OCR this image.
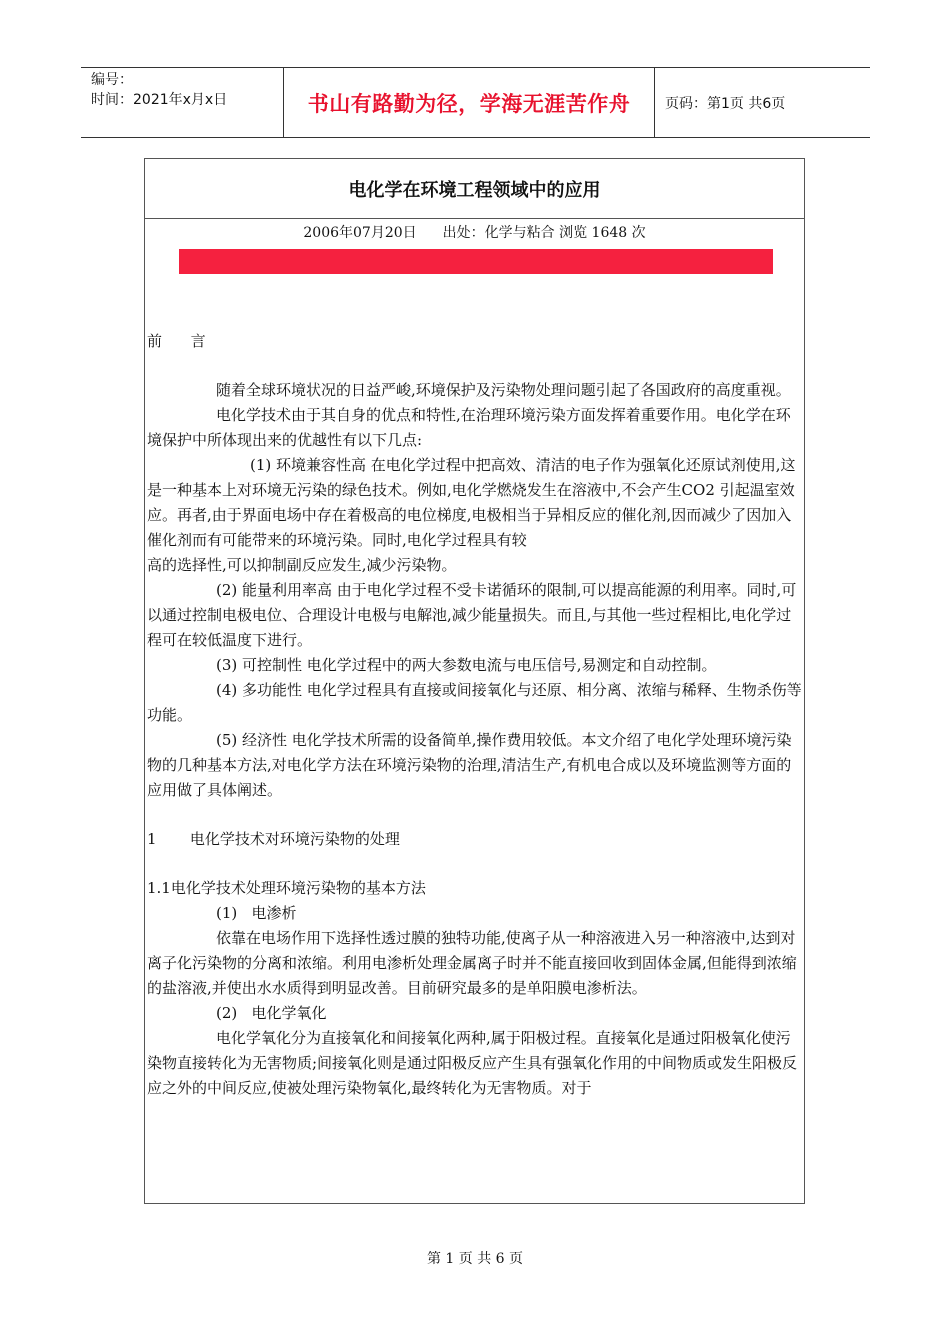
编号：
时间：2021年x月x日	书山有路勤为径，学海无涯苦作舟	页码：第1页 共6页
电化学在环境工程领域中的应用
2006年07月20日 出处：化学与粘合 浏览 1648 次

前      言

随着全球环境状况的日益严峻,环境保护及污染物处理问题引起了各国政府的高度重视。

电化学技术由于其自身的优点和特性,在治理环境污染方面发挥着重要作用。电化学在环境保护中所体现出来的优越性有以下几点:

(1) 环境兼容性高 在电化学过程中把高效、清洁的电子作为强氧化还原试剂使用,这是一种基本上对环境无污染的绿色技术。例如,电化学燃烧发生在溶液中,不会产生CO2 引起温室效应。再者,由于界面电场中存在着极高的电位梯度,电极相当于异相反应的催化剂,因而减少了因加入催化剂而有可能带来的环境污染。同时,电化学过程具有较

高的选择性,可以抑制副反应发生,减少污染物。

(2) 能量利用率高 由于电化学过程不受卡诺循环的限制,可以提高能源的利用率。同时,可以通过控制电极电位、合理设计电极与电解池,减少能量损失。而且,与其他一些过程相比,电化学过程可在较低温度下进行。

(3) 可控制性 电化学过程中的两大参数电流与电压信号,易测定和自动控制。

(4) 多功能性 电化学过程具有直接或间接氧化与还原、相分离、浓缩与稀释、生物杀伤等功能。

(5) 经济性 电化学技术所需的设备简单,操作费用较低。本文介绍了电化学处理环境污染物的几种基本方法,对电化学方法在环境污染物的治理,清洁生产,有机电合成以及环境监测等方面的应用做了具体阐述。

1       电化学技术对环境污染物的处理

1.1电化学技术处理环境污染物的基本方法

(1)   电渗析

依靠在电场作用下选择性透过膜的独特功能,使离子从一种溶液进入另一种溶液中,达到对离子化污染物的分离和浓缩。利用电渗析处理金属离子时并不能直接回收到固体金属,但能得到浓缩的盐溶液,并使出水水质得到明显改善。目前研究最多的是单阳膜电渗析法。

(2)   电化学氧化

电化学氧化分为直接氧化和间接氧化两种,属于阳极过程。直接氧化是通过阳极氧化使污染物直接转化为无害物质;间接氧化则是通过阳极反应产生具有强氧化作用的中间物质或发生阳极反应之外的中间反应,使被处理污染物氧化,最终转化为无害物质。对于

第 1 页 共 6 页
